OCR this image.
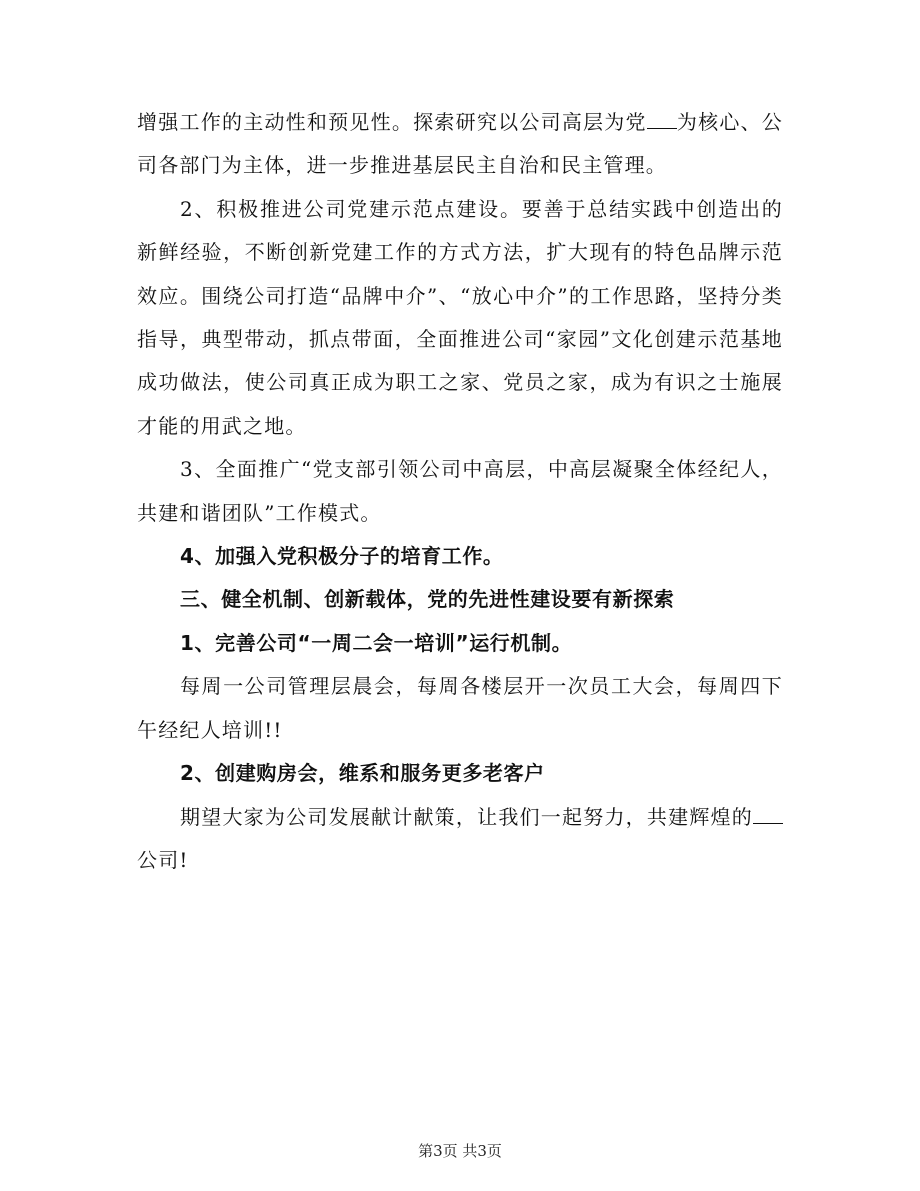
增强工作的主动性和预见性。探索研究以公司高层为党 为核心、公司各部门为主体，进一步推进基层民主自治和民主管理。

2、积极推进公司党建示范点建设。要善于总结实践中创造出的新鲜经验，不断创新党建工作的方式方法，扩大现有的特色品牌示范效应。围绕公司打造“品牌中介”、“放心中介”的工作思路，坚持分类指导，典型带动，抓点带面，全面推进公司“家园”文化创建示范基地成功做法，使公司真正成为职工之家、党员之家，成为有识之士施展才能的用武之地。

3、全面推广“党支部引领公司中高层，中高层凝聚全体经纪人，共建和谐团队”工作模式。

4、加强入党积极分子的培育工作。

三、健全机制、创新载体，党的先进性建设要有新探索

1、完善公司“一周二会一培训”运行机制。

每周一公司管理层晨会，每周各楼层开一次员工大会，每周四下午经纪人培训!!

2、创建购房会，维系和服务更多老客户

期望大家为公司发展献计献策，让我们一起努力，共建辉煌的公司!

第3页 共3页
